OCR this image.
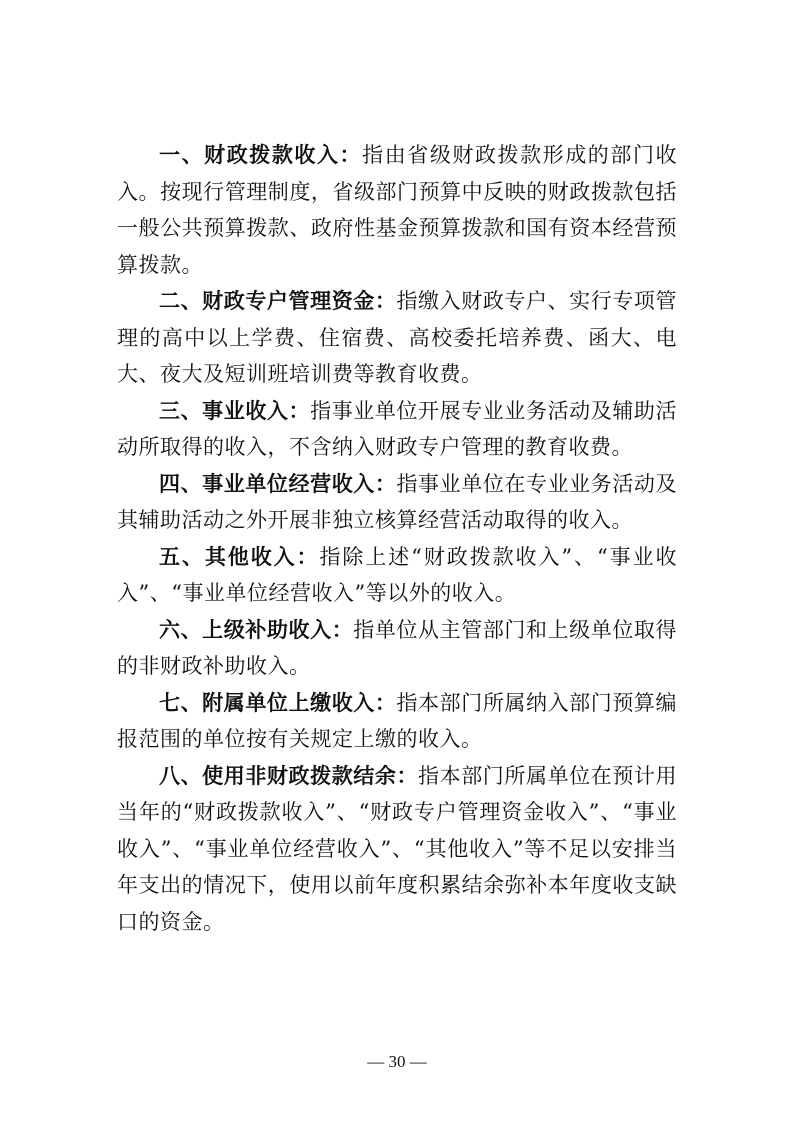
一、财政拨款收入：指由省级财政拨款形成的部门收入。按现行管理制度，省级部门预算中反映的财政拨款包括一般公共预算拨款、政府性基金预算拨款和国有资本经营预算拨款。

二、财政专户管理资金：指缴入财政专户、实行专项管理的高中以上学费、住宿费、高校委托培养费、函大、电大、夜大及短训班培训费等教育收费。

三、事业收入：指事业单位开展专业业务活动及辅助活动所取得的收入，不含纳入财政专户管理的教育收费。

四、事业单位经营收入：指事业单位在专业业务活动及其辅助活动之外开展非独立核算经营活动取得的收入。

五、其他收入：指除上述“财政拨款收入”、“事业收入”、“事业单位经营收入”等以外的收入。

六、上级补助收入：指单位从主管部门和上级单位取得的非财政补助收入。

七、附属单位上缴收入：指本部门所属纳入部门预算编报范围的单位按有关规定上缴的收入。

八、使用非财政拨款结余：指本部门所属单位在预计用当年的“财政拨款收入”、“财政专户管理资金收入”、“事业收入”、“事业单位经营收入”、“其他收入”等不足以安排当年支出的情况下，使用以前年度积累结余弥补本年度收支缺口的资金。

— 30 —
